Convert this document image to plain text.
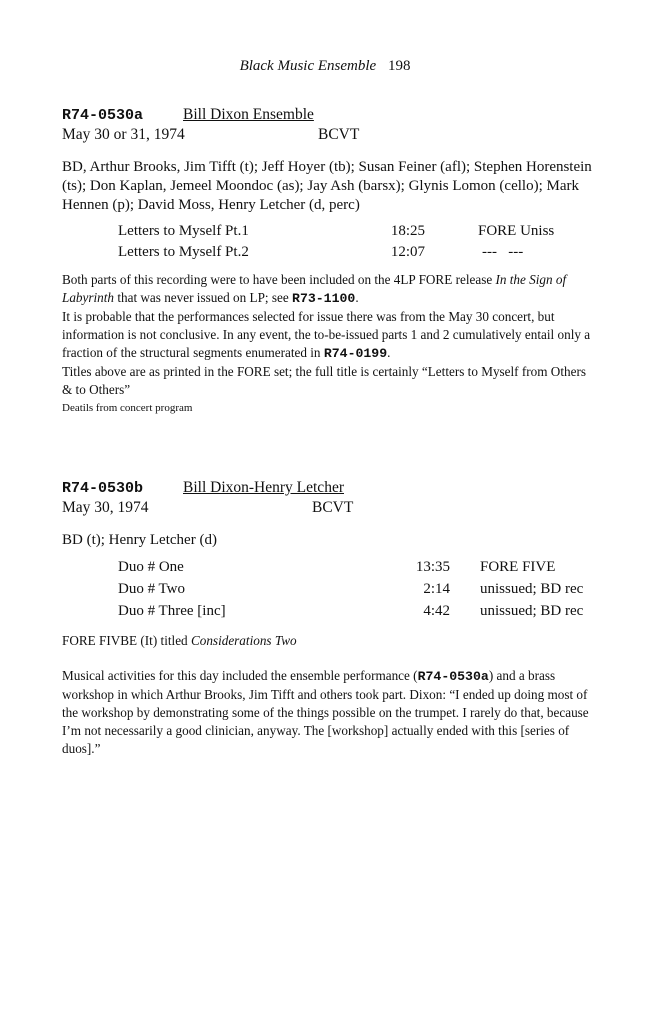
Black Music Ensemble 198
R74-0530a	Bill Dixon Ensemble
May 30 or 31, 1974	BCVT
BD, Arthur Brooks, Jim Tifft (t); Jeff Hoyer (tb); Susan Feiner (afl); Stephen Horenstein (ts); Don Kaplan, Jemeel Moondoc (as); Jay Ash (barsx); Glynis Lomon (cello); Mark Hennen (p); David Moss, Henry Letcher (d, perc)
Letters to Myself Pt.1	18:25	FORE Uniss
Letters to Myself Pt.2	12:07	---   ---

Both parts of this recording were to have been included on the 4LP FORE release In the Sign of Labyrinth that was never issued on LP; see R73-1100.

It is probable that the performances selected for issue there was from the May 30 concert, but information is not conclusive. In any event, the to-be-issued parts 1 and 2 cumulatively entail only a fraction of the structural segments enumerated in R74-0199.

Titles above are as printed in the FORE set; the full title is certainly “Letters to Myself from Others & to Others”

Deatils from concert program

R74-0530b	Bill Dixon-Henry Letcher
May 30, 1974	BCVT
BD (t); Henry Letcher (d)
Duo # One	13:35 FORE FIVE
Duo # Two	2:14 unissued; BD rec
Duo # Three [inc]	4:42 unissued; BD rec
FORE FIVBE (It) titled Considerations Two
Musical activities for this day included the ensemble performance (R74-0530a) and a brass workshop in which Arthur Brooks, Jim Tifft and others took part. Dixon: “I ended up doing most of the workshop by demonstrating some of the things possible on the trumpet. I rarely do that, because I’m not necessarily a good clinician, anyway. The [workshop] actually ended with this [series of duos].”
